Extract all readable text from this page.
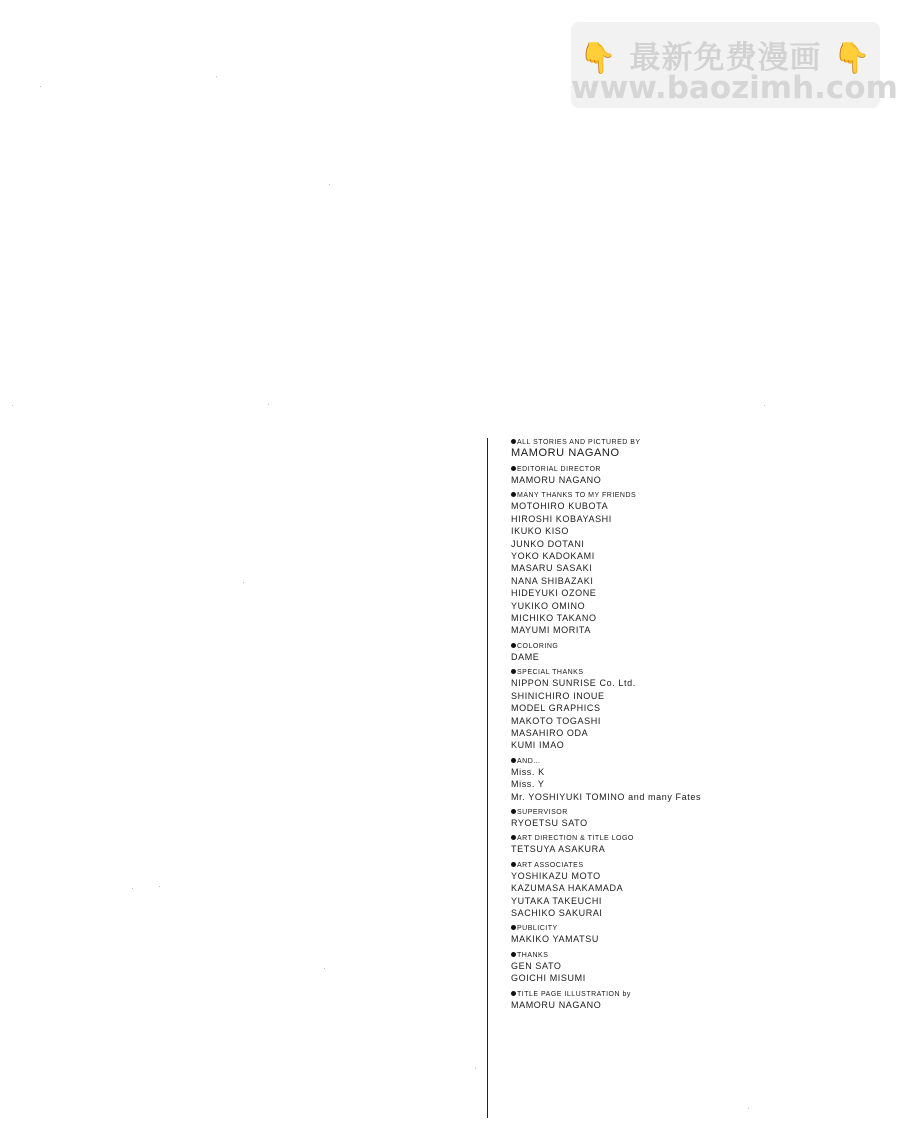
👇 最新免费漫画 👇
www.baozimh.com
ALL STORIES AND PICTURED BY
MAMORU NAGANO
EDITORIAL DIRECTOR
MAMORU NAGANO
MANY THANKS TO MY FRIENDS
MOTOHIRO KUBOTA
HIROSHI KOBAYASHI
IKUKO KISO
JUNKO DOTANI
YOKO KADOKAMI
MASARU SASAKI
NANA SHIBAZAKI
HIDEYUKI OZONE
YUKIKO OMINO
MICHIKO TAKANO
MAYUMI MORITA
COLORING
DAME
SPECIAL THANKS
NIPPON SUNRISE Co. Ltd.
SHINICHIRO INOUE
MODEL GRAPHICS
MAKOTO TOGASHI
MASAHIRO ODA
KUMI IMAO
AND…
Miss. K
Miss. Y
Mr. YOSHIYUKI TOMINO and many Fates
SUPERVISOR
RYOETSU SATO
ART DIRECTION & TITLE LOGO
TETSUYA ASAKURA
ART ASSOCIATES
YOSHIKAZU MOTO
KAZUMASA HAKAMADA
YUTAKA TAKEUCHI
SACHIKO SAKURAI
PUBLICITY
MAKIKO YAMATSU
THANKS
GEN SATO
GOICHI MISUMI
TITLE PAGE ILLUSTRATION by
MAMORU NAGANO
